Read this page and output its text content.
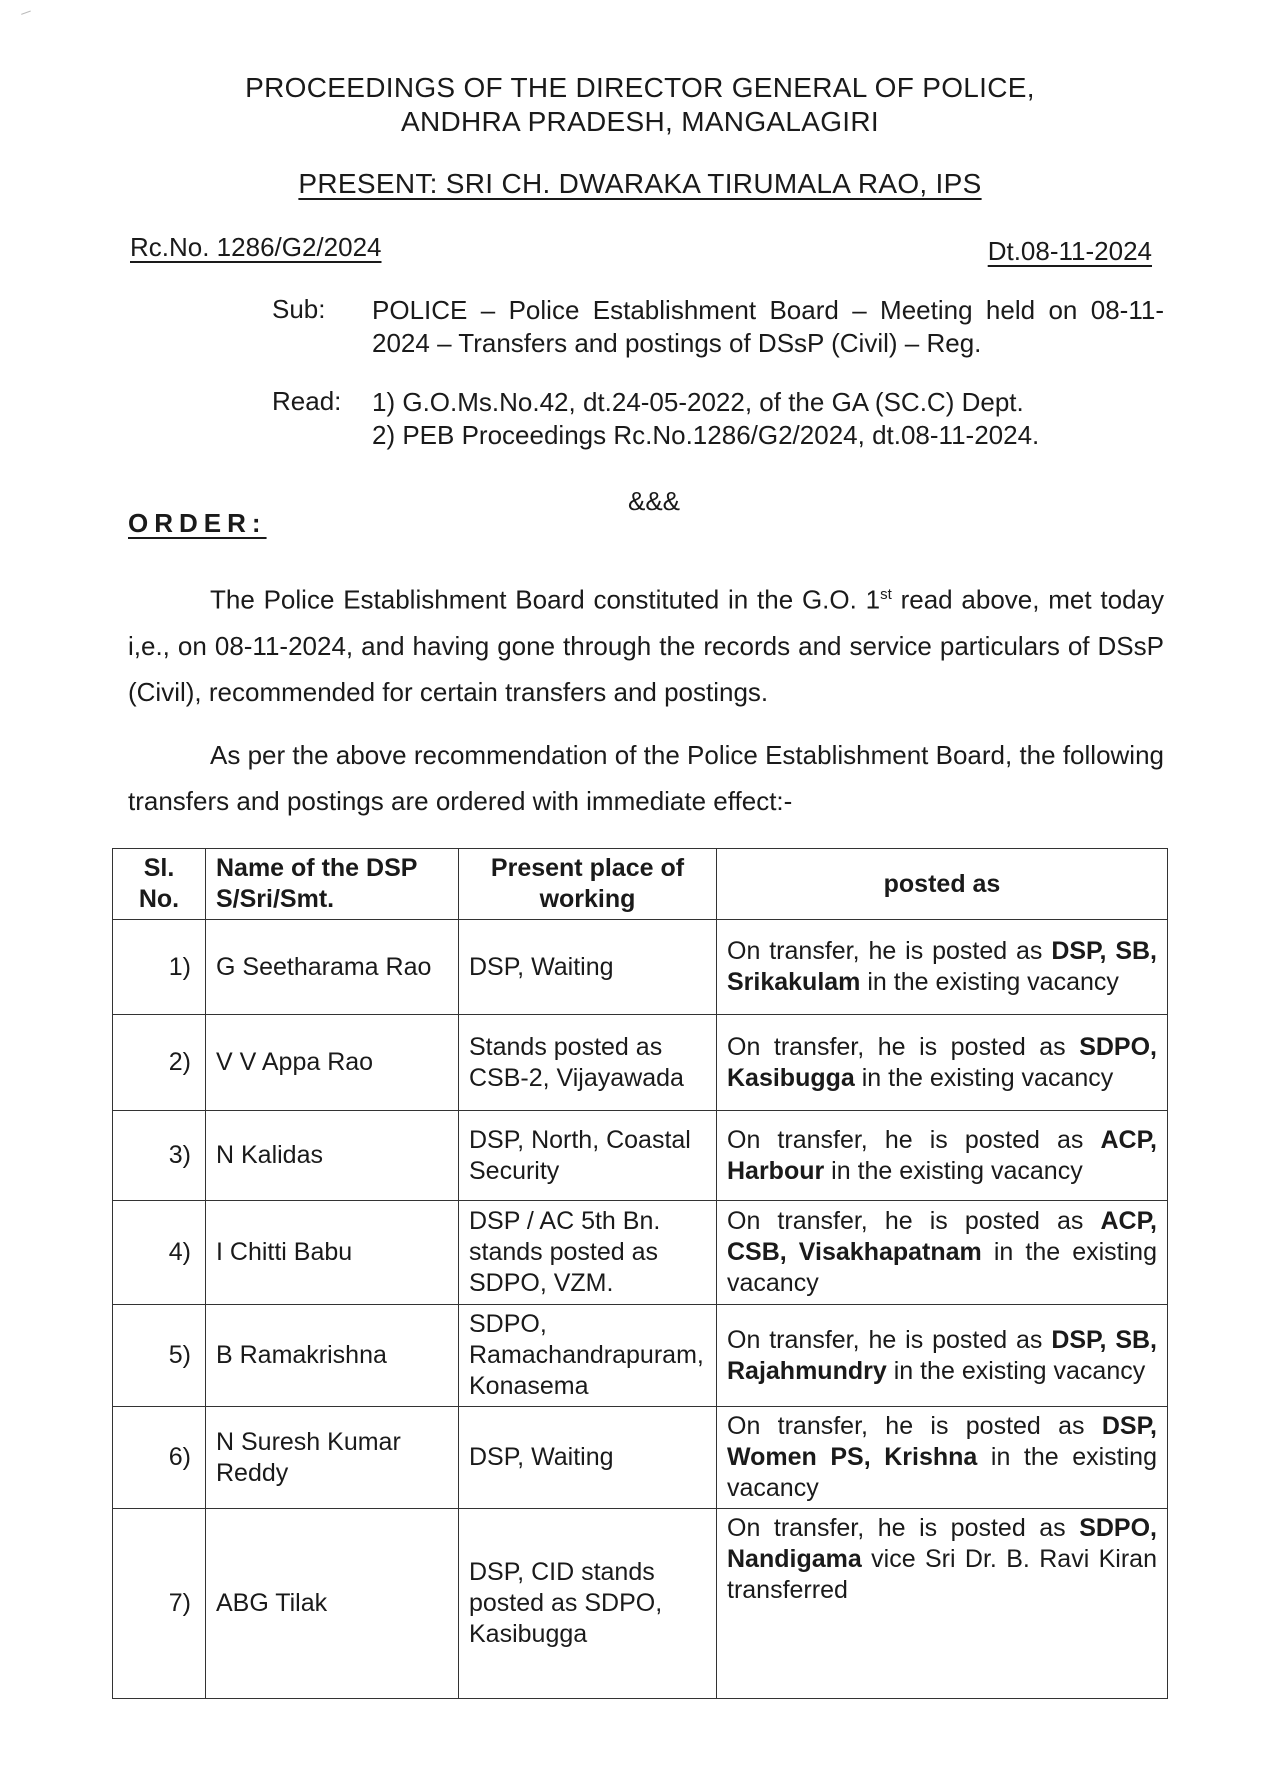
PROCEEDINGS OF THE DIRECTOR GENERAL OF POLICE,
ANDHRA PRADESH, MANGALAGIRI
PRESENT: SRI CH. DWARAKA TIRUMALA RAO, IPS
Rc.No. 1286/G2/2024	Dt.08-11-2024
Sub: POLICE – Police Establishment Board – Meeting held on 08-11-2024 – Transfers and postings of DSsP (Civil) – Reg.
Read: 1) G.O.Ms.No.42, dt.24-05-2022, of the GA (SC.C) Dept.
2) PEB Proceedings Rc.No.1286/G2/2024, dt.08-11-2024.
&&&
ORDER:
The Police Establishment Board constituted in the G.O. 1st read above, met today i,e., on 08-11-2024, and having gone through the records and service particulars of DSsP (Civil), recommended for certain transfers and postings.
As per the above recommendation of the Police Establishment Board, the following transfers and postings are ordered with immediate effect:-
Sl. No.	Name of the DSP S/Sri/Smt.	Present place of working	posted as
1)	G Seetharama Rao	DSP, Waiting	On transfer, he is posted as DSP, SB, Srikakulam in the existing vacancy
2)	V V Appa Rao	Stands posted as CSB-2, Vijayawada	On transfer, he is posted as SDPO, Kasibugga in the existing vacancy
3)	N Kalidas	DSP, North, Coastal Security	On transfer, he is posted as ACP, Harbour in the existing vacancy
4)	I Chitti Babu	DSP / AC 5th Bn. stands posted as SDPO, VZM.	On transfer, he is posted as ACP, CSB, Visakhapatnam in the existing vacancy
5)	B Ramakrishna	SDPO, Ramachandrapuram, Konasema	On transfer, he is posted as DSP, SB, Rajahmundry in the existing vacancy
6)	N Suresh Kumar Reddy	DSP, Waiting	On transfer, he is posted as DSP, Women PS, Krishna in the existing vacancy
7)	ABG Tilak	DSP, CID stands posted as SDPO, Kasibugga	On transfer, he is posted as SDPO, Nandigama vice Sri Dr. B. Ravi Kiran transferred
